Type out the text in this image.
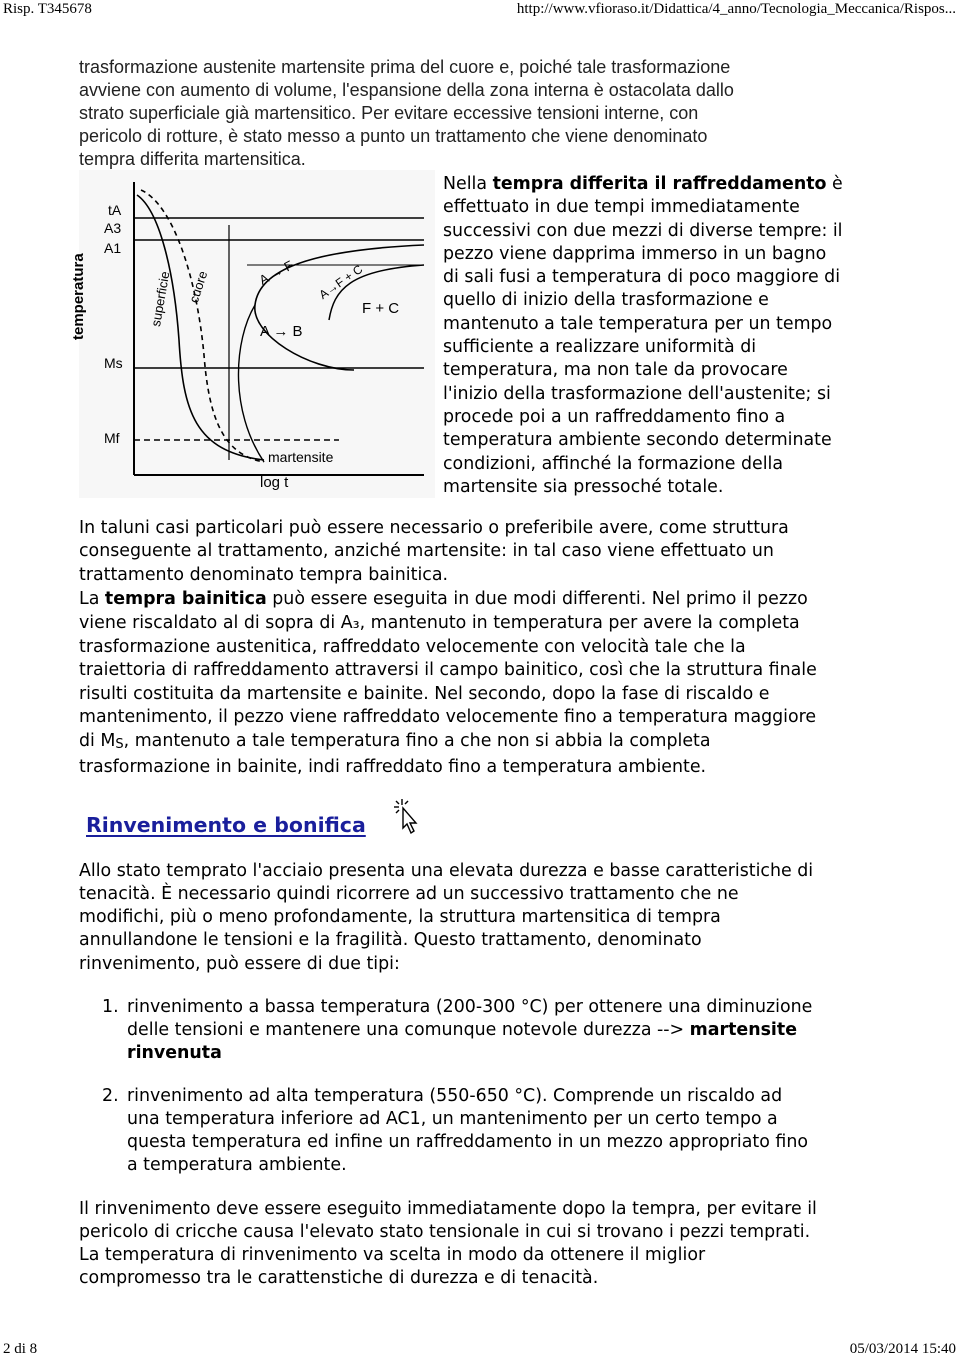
Risp. T345678	http://www.vfioraso.it/Didattica/4_anno/Tecnologia_Meccanica/Rispos...
trasformazione austenite martensite prima del cuore e, poiché tale trasformazione
avviene con aumento di volume, l'espansione della zona interna è ostacolata dallo
strato superficiale già martensitico. Per evitare eccessive tensioni interne, con
pericolo di rotture, è stato messo a punto un trattamento che viene denominato
tempra differita martensitica.
temperatura
log t
tA
A3
A1
Ms
Mf
superficie cuore	A → F A→F + C
F + C
A → B
martensite
Nella tempra differita il raffreddamento è
effettuato in due tempi immediatamente
successivi con due mezzi di diverse tempre: il
pezzo viene dapprima immerso in un bagno
di sali fusi a temperatura di poco maggiore di
quello di inizio della trasformazione e
mantenuto a tale temperatura per un tempo
sufficiente a realizzare uniformità di
temperatura, ma non tale da provocare
l'inizio della trasformazione dell'austenite; si
procede poi a un raffreddamento fino a
temperatura ambiente secondo determinate
condizioni, affinché la formazione della
martensite sia pressoché totale.
In taluni casi particolari può essere necessario o preferibile avere, come struttura
conseguente al trattamento, anziché martensite: in tal caso viene effettuato un
trattamento denominato tempra bainitica.
La tempra bainitica può essere eseguita in due modi differenti. Nel primo il pezzo
viene riscaldato al di sopra di A₃, mantenuto in temperatura per avere la completa
trasformazione austenitica, raffreddato velocemente con velocità tale che la
traiettoria di raffreddamento attraversi il campo bainitico, così che la struttura finale
risulti costituita da martensite e bainite. Nel secondo, dopo la fase di riscaldo e
mantenimento, il pezzo viene raffreddato velocemente fino a temperatura maggiore
di MS, mantenuto a tale temperatura fino a che non si abbia la completa
trasformazione in bainite, indi raffreddato fino a temperatura ambiente.
Rinvenimento e bonifica
Allo stato temprato l'acciaio presenta una elevata durezza e basse caratteristiche di
tenacità. È necessario quindi ricorrere ad un successivo trattamento che ne
modifichi, più o meno profondamente, la struttura martensitica di tempra
annullandone le tensioni e la fragilità. Questo trattamento, denominato
rinvenimento, può essere di due tipi:
1. rinvenimento a bassa temperatura (200-300 °C) per ottenere una diminuzione
delle tensioni e mantenere una comunque notevole durezza --> martensite
rinvenuta
2. rinvenimento ad alta temperatura (550-650 °C). Comprende un riscaldo ad
una temperatura inferiore ad AC1, un mantenimento per un certo tempo a
questa temperatura ed infine un raffreddamento in un mezzo appropriato fino
a temperatura ambiente.
Il rinvenimento deve essere eseguito immediatamente dopo la tempra, per evitare il
pericolo di cricche causa l'elevato stato tensionale in cui si trovano i pezzi temprati.
La temperatura di rinvenimento va scelta in modo da ottenere il miglior
compromesso tra le carattenstiche di durezza e di tenacità.
2 di 8	05/03/2014 15:40
